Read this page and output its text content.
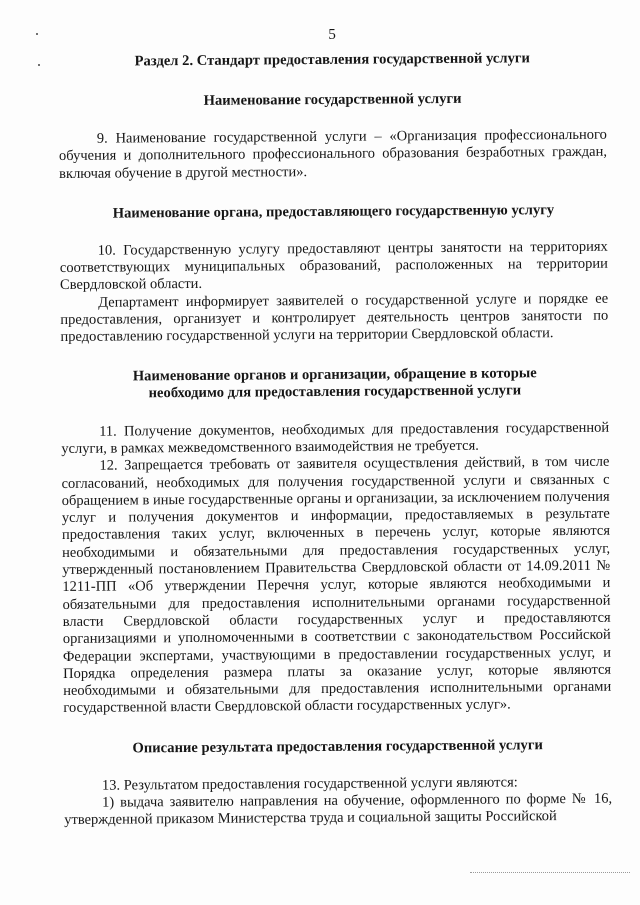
5
Раздел 2. Стандарт предоставления государственной услуги
Наименование государственной услуги

9. Наименование государственной услуги – «Организация профессионального обучения и дополнительного профессионального образования безработных граждан, включая обучение в другой местности».

Наименование органа, предоставляющего государственную услугу

10. Государственную услугу предоставляют центры занятости на территориях соответствующих муниципальных образований, расположенных на территории Свердловской области.

Департамент информирует заявителей о государственной услуге и порядке ее предоставления, организует и контролирует деятельность центров занятости по предоставлению государственной услуги на территории Свердловской области.

Наименование органов и организации, обращение в которые
необходимо для предоставления государственной услуги

11. Получение документов, необходимых для предоставления государственной услуги, в рамках межведомственного взаимодействия не требуется.

12. Запрещается требовать от заявителя осуществления действий, в том числе согласований, необходимых для получения государственной услуги и связанных с обращением в иные государственные органы и организации, за исключением получения услуг и получения документов и информации, предоставляемых в результате предоставления таких услуг, включенных в перечень услуг, которые являются необходимыми и обязательными для предоставления государственных услуг, утвержденный постановлением Правительства Свердловской области от 14.09.2011 № 1211-ПП «Об утверждении Перечня услуг, которые являются необходимыми и обязательными для предоставления исполнительными органами государственной власти Свердловской области государственных услуг и предоставляются организациями и уполномоченными в соответствии с законодательством Российской Федерации экспертами, участвующими в предоставлении государственных услуг, и Порядка определения размера платы за оказание услуг, которые являются необходимыми и обязательными для предоставления исполнительными органами государственной власти Свердловской области государственных услуг».

Описание результата предоставления государственной услуги

13. Результатом предоставления государственной услуги являются:

1) выдача заявителю направления на обучение, оформленного по форме № 16, утвержденной приказом Министерства труда и социальной защиты Российской
